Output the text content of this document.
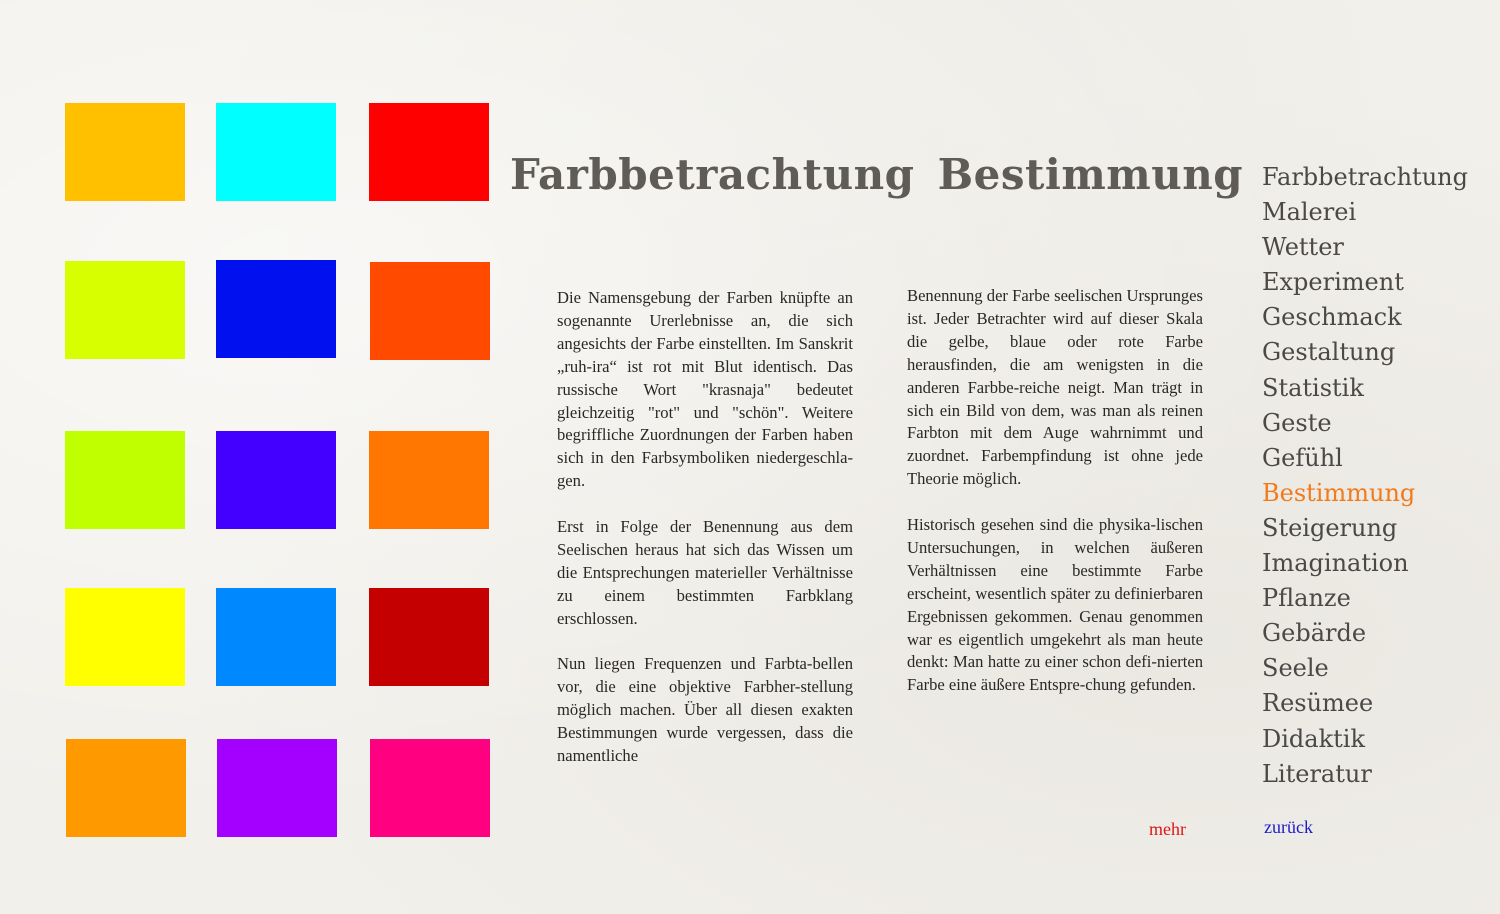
Farbbetrachtung Bestimmung

Die Namensgebung der Farben knüpfte an sogenannte Urerlebnisse an, die sich angesichts der Farbe einstellten. Im Sanskrit „ruh-ira“ ist rot mit Blut identisch. Das russische Wort "krasnaja" bedeutet gleichzeitig "rot" und "schön". Weitere begriffliche Zuordnungen der Farben haben sich in den Farbsymboliken niedergeschla-gen.

Erst in Folge der Benennung aus dem Seelischen heraus hat sich das Wissen um die Entsprechungen materieller Verhältnisse zu einem bestimmten Farbklang erschlossen.

Nun liegen Frequenzen und Farbta-bellen vor, die eine objektive Farbher-stellung möglich machen. Über all diesen exakten Bestimmungen wurde vergessen, dass die namentliche

Benennung der Farbe seelischen Ursprunges ist. Jeder Betrachter wird auf dieser Skala die gelbe, blaue oder rote Farbe herausfinden, die am wenigsten in die anderen Farbbe-reiche neigt. Man trägt in sich ein Bild von dem, was man als reinen Farbton mit dem Auge wahrnimmt und zuordnet. Farbempfindung ist ohne jede Theorie möglich.

Historisch gesehen sind die physika-lischen Untersuchungen, in welchen äußeren Verhältnissen eine bestimmte Farbe erscheint, wesentlich später zu definierbaren Ergebnissen gekommen. Genau genommen war es eigentlich umgekehrt als man heute denkt: Man hatte zu einer schon defi-nierten Farbe eine äußere Entspre-chung gefunden.

Farbbetrachtung
Malerei
Wetter
Experiment
Geschmack
Gestaltung
Statistik
Geste
Gefühl
Bestimmung
Steigerung
Imagination
Pflanze
Gebärde
Seele
Resümee
Didaktik
Literatur
mehr	zurück
